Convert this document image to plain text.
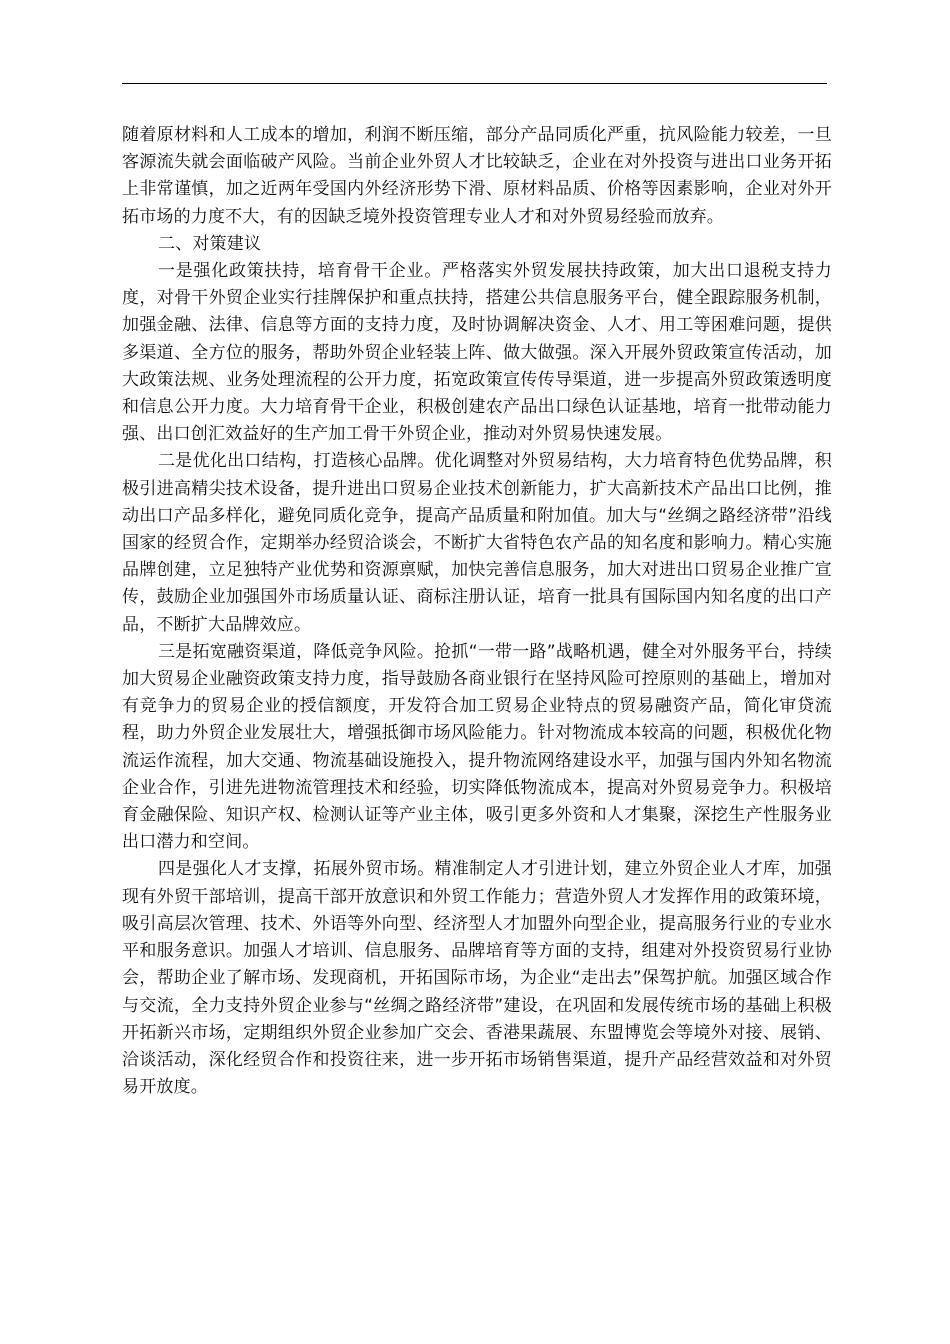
随着原材料和人工成本的增加，利润不断压缩，部分产品同质化严重，抗风险能力较差，一旦客源流失就会面临破产风险。当前企业外贸人才比较缺乏，企业在对外投资与进出口业务开拓上非常谨慎，加之近两年受国内外经济形势下滑、原材料品质、价格等因素影响，企业对外开拓市场的力度不大，有的因缺乏境外投资管理专业人才和对外贸易经验而放弃。

二、对策建议

一是强化政策扶持，培育骨干企业。严格落实外贸发展扶持政策，加大出口退税支持力度，对骨干外贸企业实行挂牌保护和重点扶持，搭建公共信息服务平台，健全跟踪服务机制，加强金融、法律、信息等方面的支持力度，及时协调解决资金、人才、用工等困难问题，提供多渠道、全方位的服务，帮助外贸企业轻装上阵、做大做强。深入开展外贸政策宣传活动，加大政策法规、业务处理流程的公开力度，拓宽政策宣传传导渠道，进一步提高外贸政策透明度和信息公开力度。大力培育骨干企业，积极创建农产品出口绿色认证基地，培育一批带动能力强、出口创汇效益好的生产加工骨干外贸企业，推动对外贸易快速发展。

二是优化出口结构，打造核心品牌。优化调整对外贸易结构，大力培育特色优势品牌，积极引进高精尖技术设备，提升进出口贸易企业技术创新能力，扩大高新技术产品出口比例，推动出口产品多样化，避免同质化竞争，提高产品质量和附加值。加大与“丝绸之路经济带”沿线国家的经贸合作，定期举办经贸洽谈会，不断扩大省特色农产品的知名度和影响力。精心实施品牌创建，立足独特产业优势和资源禀赋，加快完善信息服务，加大对进出口贸易企业推广宣传，鼓励企业加强国外市场质量认证、商标注册认证，培育一批具有国际国内知名度的出口产品，不断扩大品牌效应。

三是拓宽融资渠道，降低竞争风险。抢抓“一带一路”战略机遇，健全对外服务平台，持续加大贸易企业融资政策支持力度，指导鼓励各商业银行在坚持风险可控原则的基础上，增加对有竞争力的贸易企业的授信额度，开发符合加工贸易企业特点的贸易融资产品，简化审贷流程，助力外贸企业发展壮大，增强抵御市场风险能力。针对物流成本较高的问题，积极优化物流运作流程，加大交通、物流基础设施投入，提升物流网络建设水平，加强与国内外知名物流企业合作，引进先进物流管理技术和经验，切实降低物流成本，提高对外贸易竞争力。积极培育金融保险、知识产权、检测认证等产业主体，吸引更多外资和人才集聚，深挖生产性服务业出口潜力和空间。

四是强化人才支撑，拓展外贸市场。精准制定人才引进计划，建立外贸企业人才库，加强现有外贸干部培训，提高干部开放意识和外贸工作能力；营造外贸人才发挥作用的政策环境，吸引高层次管理、技术、外语等外向型、经济型人才加盟外向型企业，提高服务行业的专业水平和服务意识。加强人才培训、信息服务、品牌培育等方面的支持，组建对外投资贸易行业协会，帮助企业了解市场、发现商机，开拓国际市场，为企业“走出去”保驾护航。加强区域合作与交流，全力支持外贸企业参与“丝绸之路经济带”建设，在巩固和发展传统市场的基础上积极开拓新兴市场，定期组织外贸企业参加广交会、香港果蔬展、东盟博览会等境外对接、展销、洽谈活动，深化经贸合作和投资往来，进一步开拓市场销售渠道，提升产品经营效益和对外贸易开放度。
